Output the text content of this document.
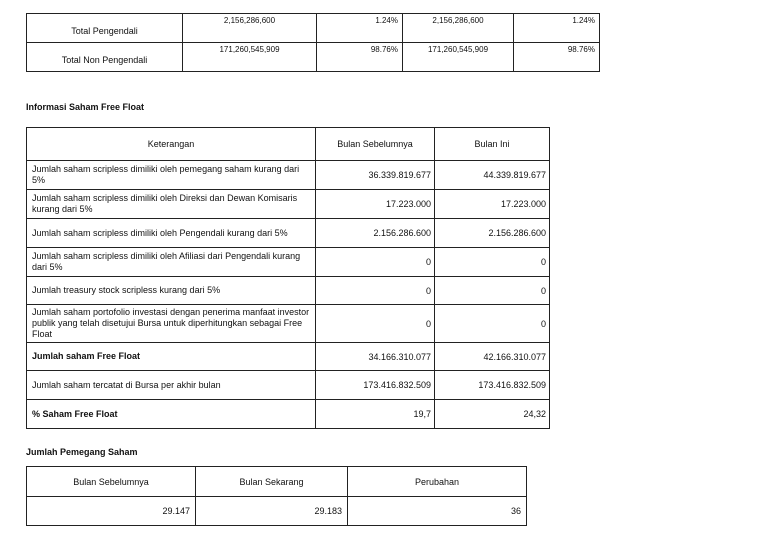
Total Pengendali	2,156,286,600	1.24%	2,156,286,600	1.24%
Total Non Pengendali	171,260,545,909	98.76%	171,260,545,909	98.76%
Informasi Saham Free Float
Keterangan	Bulan Sebelumnya	Bulan Ini
Jumlah saham scripless dimiliki oleh pemegang saham kurang dari 5%	36.339.819.677	44.339.819.677
Jumlah saham scripless dimiliki oleh Direksi dan Dewan Komisaris kurang dari 5%	17.223.000	17.223.000
Jumlah saham scripless dimiliki oleh Pengendali kurang dari 5%	2.156.286.600	2.156.286.600
Jumlah saham scripless dimiliki oleh Afiliasi dari Pengendali kurang dari 5%	0	0
Jumlah treasury stock scripless kurang dari 5%	0	0
Jumlah saham portofolio investasi dengan penerima manfaat investor publik yang telah disetujui Bursa untuk diperhitungkan sebagai Free Float	0	0
Jumlah saham Free Float	34.166.310.077	42.166.310.077
Jumlah saham tercatat di Bursa per akhir bulan	173.416.832.509	173.416.832.509
% Saham Free Float	19,7	24,32
Jumlah Pemegang Saham
Bulan Sebelumnya	Bulan Sekarang	Perubahan
29.147	29.183	36
